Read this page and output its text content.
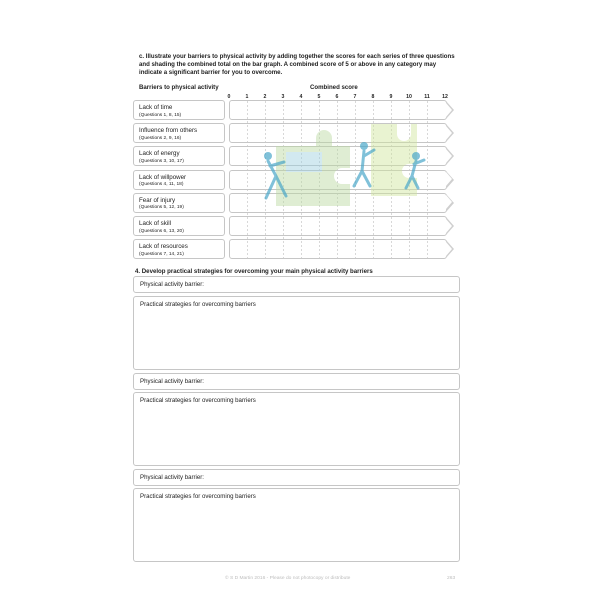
c. Illustrate your barriers to physical activity by adding together the scores for each series of three questions and shading the combined total on the bar graph. A combined score of 5 or above in any category may indicate a significant barrier for you to overcome.
Barriers to physical activity	Combined score
0	1	2	3	4	5	6	7	8	9	10 11 12
Lack of resources
(Questions 7, 14, 21)
Lack of skill
(Questions 6, 13, 20)
Fear of injury
(Questions 5, 12, 19)
Lack of willpower
(Questions 4, 11, 18)
Lack of energy
(Questions 3, 10, 17)
Influence from others
(Questions 2, 9, 16)
Lack of time
(Questions 1, 8, 15)
4. Develop practical strategies for overcoming your main physical activity barriers
Physical activity barrier:
Practical strategies for overcoming barriers
Physical activity barrier:
Practical strategies for overcoming barriers
Physical activity barrier:
Practical strategies for overcoming barriers
© S D Martin 2016 - Please do not photocopy or distribute	263
